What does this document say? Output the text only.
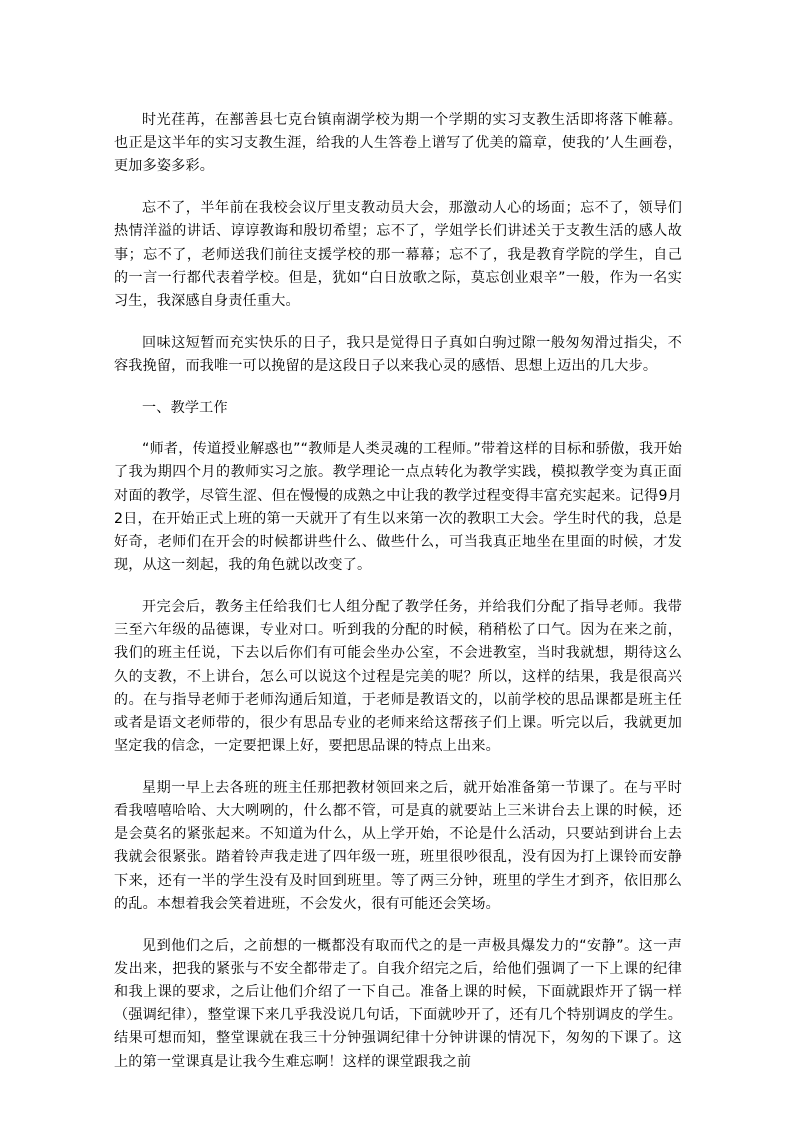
时光荏苒，在鄯善县七克台镇南湖学校为期一个学期的实习支教生活即将落下帷幕。也正是这半年的实习支教生涯，给我的人生答卷上谱写了优美的篇章，使我的’人生画卷，更加多姿多彩。

忘不了，半年前在我校会议厅里支教动员大会，那激动人心的场面；忘不了，领导们热情洋溢的讲话、谆谆教诲和殷切希望；忘不了，学姐学长们讲述关于支教生活的感人故事；忘不了，老师送我们前往支援学校的那一幕幕；忘不了，我是教育学院的学生，自己的一言一行都代表着学校。但是，犹如“白日放歌之际，莫忘创业艰辛”一般，作为一名实习生，我深感自身责任重大。

回味这短暂而充实快乐的日子，我只是觉得日子真如白驹过隙一般匆匆滑过指尖，不容我挽留，而我唯一可以挽留的是这段日子以来我心灵的感悟、思想上迈出的几大步。

一、教学工作

“师者，传道授业解惑也”“教师是人类灵魂的工程师。”带着这样的目标和骄傲，我开始了我为期四个月的教师实习之旅。教学理论一点点转化为教学实践，模拟教学变为真正面对面的教学，尽管生涩、但在慢慢的成熟之中让我的教学过程变得丰富充实起来。记得9月2日，在开始正式上班的第一天就开了有生以来第一次的教职工大会。学生时代的我，总是好奇，老师们在开会的时候都讲些什么、做些什么，可当我真正地坐在里面的时候，才发现，从这一刻起，我的角色就以改变了。

开完会后，教务主任给我们七人组分配了教学任务，并给我们分配了指导老师。我带三至六年级的品德课，专业对口。听到我的分配的时候，稍稍松了口气。因为在来之前，我们的班主任说，下去以后你们有可能会坐办公室，不会进教室，当时我就想，期待这么久的支教，不上讲台，怎么可以说这个过程是完美的呢？所以，这样的结果，我是很高兴的。在与指导老师于老师沟通后知道，于老师是教语文的，以前学校的思品课都是班主任或者是语文老师带的，很少有思品专业的老师来给这帮孩子们上课。听完以后，我就更加坚定我的信念，一定要把课上好，要把思品课的特点上出来。

星期一早上去各班的班主任那把教材领回来之后，就开始准备第一节课了。在与平时看我嘻嘻哈哈、大大咧咧的，什么都不管，可是真的就要站上三米讲台去上课的时候，还是会莫名的紧张起来。不知道为什么，从上学开始，不论是什么活动，只要站到讲台上去我就会很紧张。踏着铃声我走进了四年级一班，班里很吵很乱，没有因为打上课铃而安静下来，还有一半的学生没有及时回到班里。等了两三分钟，班里的学生才到齐，依旧那么的乱。本想着我会笑着进班，不会发火，很有可能还会笑场。

见到他们之后，之前想的一概都没有取而代之的是一声极具爆发力的“安静”。这一声发出来，把我的紧张与不安全都带走了。自我介绍完之后，给他们强调了一下上课的纪律和我上课的要求，之后让他们介绍了一下自己。准备上课的时候，下面就跟炸开了锅一样（强调纪律），整堂课下来几乎我没说几句话，下面就吵开了，还有几个特别调皮的学生。结果可想而知，整堂课就在我三十分钟强调纪律十分钟讲课的情况下，匆匆的下课了。这上的第一堂课真是让我今生难忘啊！这样的课堂跟我之前
